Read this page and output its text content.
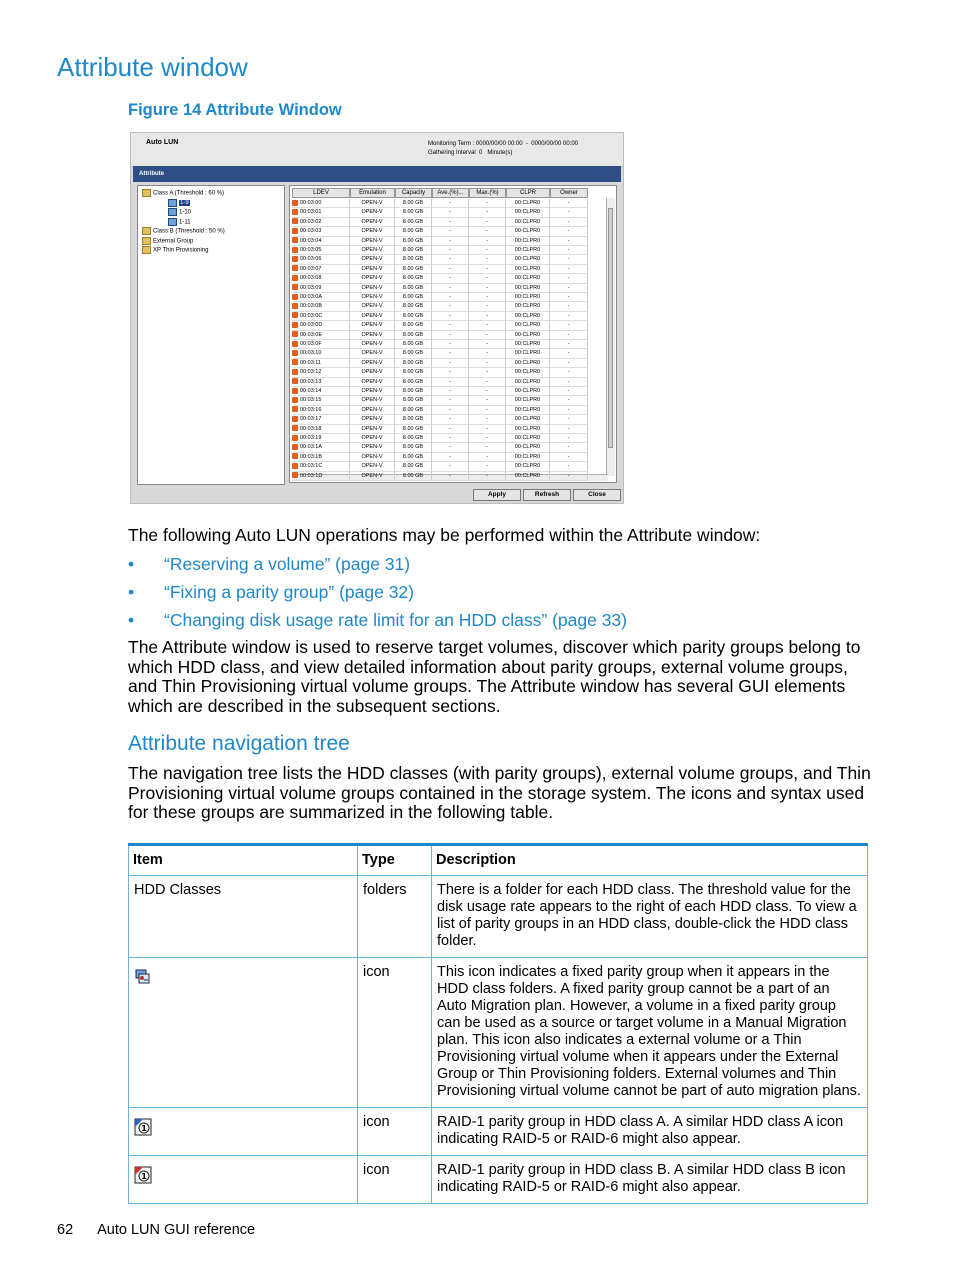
Attribute window
Figure 14 Attribute Window
Auto LUN	Monitoring Term : 0000/00/00 00:00  -  0000/00/00 00:00
Gathering Interval 0   Minute(s)
Attribute
Class A (Threshold : 60 %)
1-9
1-10
1-11
Class B (Threshold : 50 %)
External Group
XP Thin Provisioning
LDEV	Emulation	Capacity	Ave.(%)...	Max.(%)	CLPR	Owner
00:03:00	OPEN-V	8.00 GB	-	-	00:CLPR0	-
00:03:01	OPEN-V	8.00 GB	-	-	00:CLPR0	-
00:03:02	OPEN-V	8.00 GB	-	-	00:CLPR0	-
00:03:03	OPEN-V	8.00 GB	-	-	00:CLPR0	-
00:03:04	OPEN-V	8.00 GB	-	-	00:CLPR0	-
00:03:05	OPEN-V	8.00 GB	-	-	00:CLPR0	-
00:03:06	OPEN-V	8.00 GB	-	-	00:CLPR0	-
00:03:07	OPEN-V	8.00 GB	-	-	00:CLPR0	-
00:03:08	OPEN-V	8.00 GB	-	-	00:CLPR0	-
00:03:09	OPEN-V	8.00 GB	-	-	00:CLPR0	-
00:03:0A	OPEN-V	8.00 GB	-	-	00:CLPR0	-
00:03:0B	OPEN-V	8.00 GB	-	-	00:CLPR0	-
00:03:0C	OPEN-V	8.00 GB	-	-	00:CLPR0	-
00:03:0D	OPEN-V	8.00 GB	-	-	00:CLPR0	-
00:03:0E	OPEN-V	8.00 GB	-	-	00:CLPR0	-
00:03:0F	OPEN-V	8.00 GB	-	-	00:CLPR0	-
00:03:10	OPEN-V	8.00 GB	-	-	00:CLPR0	-
00:03:11	OPEN-V	8.00 GB	-	-	00:CLPR0	-
00:03:12	OPEN-V	8.00 GB	-	-	00:CLPR0	-
00:03:13	OPEN-V	8.00 GB	-	-	00:CLPR0	-
00:03:14	OPEN-V	8.00 GB	-	-	00:CLPR0	-
00:03:15	OPEN-V	8.00 GB	-	-	00:CLPR0	-
00:03:16	OPEN-V	8.00 GB	-	-	00:CLPR0	-
00:03:17	OPEN-V	8.00 GB	-	-	00:CLPR0	-
00:03:18	OPEN-V	8.00 GB	-	-	00:CLPR0	-
00:03:19	OPEN-V	8.00 GB	-	-	00:CLPR0	-
00:03:1A	OPEN-V	8.00 GB	-	-	00:CLPR0	-
00:03:1B	OPEN-V	8.00 GB	-	-	00:CLPR0	-
00:03:1C	OPEN-V	8.00 GB	-	-	00:CLPR0	-
00:03:1D	OPEN-V	8.00 GB	-	-	00:CLPR0	-
Apply	Refresh	Close
The following Auto LUN operations may be performed within the Attribute window:
• “Reserving a volume” (page 31)
• “Fixing a parity group” (page 32)
• “Changing disk usage rate limit for an HDD class” (page 33)
The Attribute window is used to reserve target volumes, discover which parity groups belong to which HDD class, and view detailed information about parity groups, external volume groups, and Thin Provisioning virtual volume groups. The Attribute window has several GUI elements which are described in the subsequent sections.
Attribute navigation tree
The navigation tree lists the HDD classes (with parity groups), external volume groups, and Thin Provisioning virtual volume groups contained in the storage system. The icons and syntax used for these groups are summarized in the following table.
Item	Type	Description
HDD Classes	folders	There is a folder for each HDD class. The threshold value for the disk usage rate appears to the right of each HDD class. To view a list of parity groups in an HDD class, double-click the HDD class folder.
	icon	This icon indicates a fixed parity group when it appears in the HDD class folders. A fixed parity group cannot be a part of an Auto Migration plan. However, a volume in a fixed parity group can be used as a source or target volume in a Manual Migration plan. This icon also indicates a external volume or a Thin Provisioning virtual volume when it appears under the External Group or Thin Provisioning folders. External volumes and Thin Provisioning virtual volume cannot be part of auto migration plans.

1	icon	RAID-1 parity group in HDD class A. A similar HDD class A icon indicating RAID-5 or RAID-6 might also appear.

1	icon	RAID-1 parity group in HDD class B. A similar HDD class B icon indicating RAID-5 or RAID-6 might also appear.
62 Auto LUN GUI reference
